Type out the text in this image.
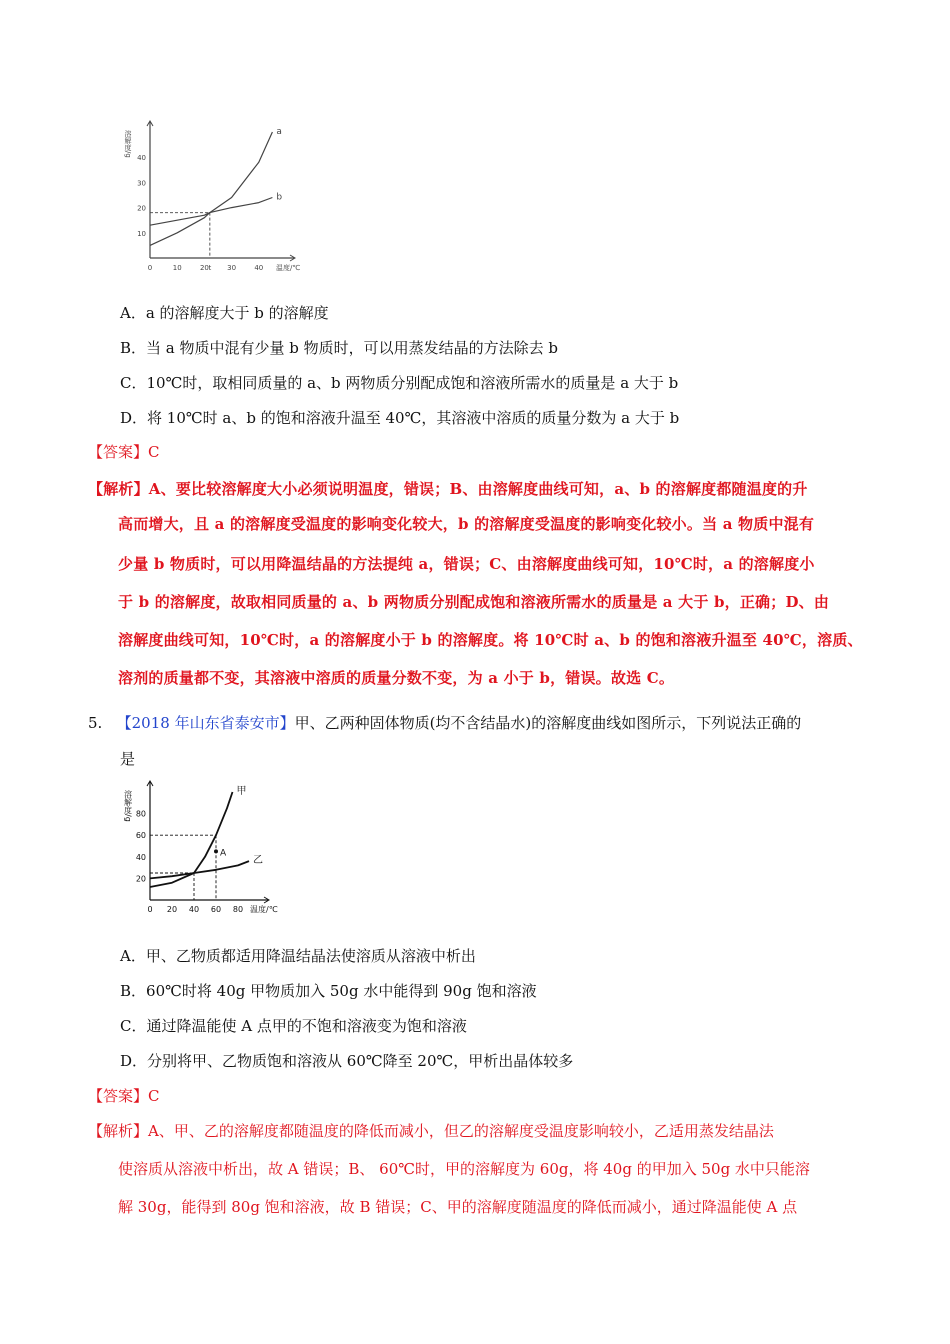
0	10	20 t 30	40
10
20
30
40
温度/℃
溶解度/g	a
b
A．a 的溶解度大于 b 的溶解度
B．当 a 物质中混有少量 b 物质时，可以用蒸发结晶的方法除去 b
C．10℃时，取相同质量的 a、b 两物质分别配成饱和溶液所需水的质量是 a 大于 b
D．将 10℃时 a、b 的饱和溶液升温至 40℃，其溶液中溶质的质量分数为 a 大于 b
【答案】C
【解析】A、要比较溶解度大小必须说明温度，错误；B、由溶解度曲线可知，a、b 的溶解度都随温度的升
高而增大，且 a 的溶解度受温度的影响变化较大，b 的溶解度受温度的影响变化较小。当 a 物质中混有
少量 b 物质时，可以用降温结晶的方法提纯 a，错误；C、由溶解度曲线可知，10℃时，a 的溶解度小
于 b 的溶解度，故取相同质量的 a、b 两物质分别配成饱和溶液所需水的质量是 a 大于 b，正确；D、由
溶解度曲线可知，10℃时，a 的溶解度小于 b 的溶解度。将 10℃时 a、b 的饱和溶液升温至 40℃，溶质、
溶剂的质量都不变，其溶液中溶质的质量分数不变，为 a 小于 b，错误。故选 C。
5. 【2018 年山东省泰安市】甲、乙两种固体物质(均不含结晶水)的溶解度曲线如图所示，下列说法正确的
是
0 20 40 60 80
20
40
60
80
温度/℃
溶解度/g	甲
乙
A
A．甲、乙物质都适用降温结晶法使溶质从溶液中析出
B．60℃时将 40g 甲物质加入 50g 水中能得到 90g 饱和溶液
C．通过降温能使 A 点甲的不饱和溶液变为饱和溶液
D．分别将甲、乙物质饱和溶液从 60℃降至 20℃，甲析出晶体较多
【答案】C
【解析】A、甲、乙的溶解度都随温度的降低而减小，但乙的溶解度受温度影响较小，乙适用蒸发结晶法
使溶质从溶液中析出，故 A 错误；B、 60℃时，甲的溶解度为 60g，将 40g 的甲加入 50g 水中只能溶
解 30g，能得到 80g 饱和溶液，故 B 错误；C、甲的溶解度随温度的降低而减小，通过降温能使 A 点
